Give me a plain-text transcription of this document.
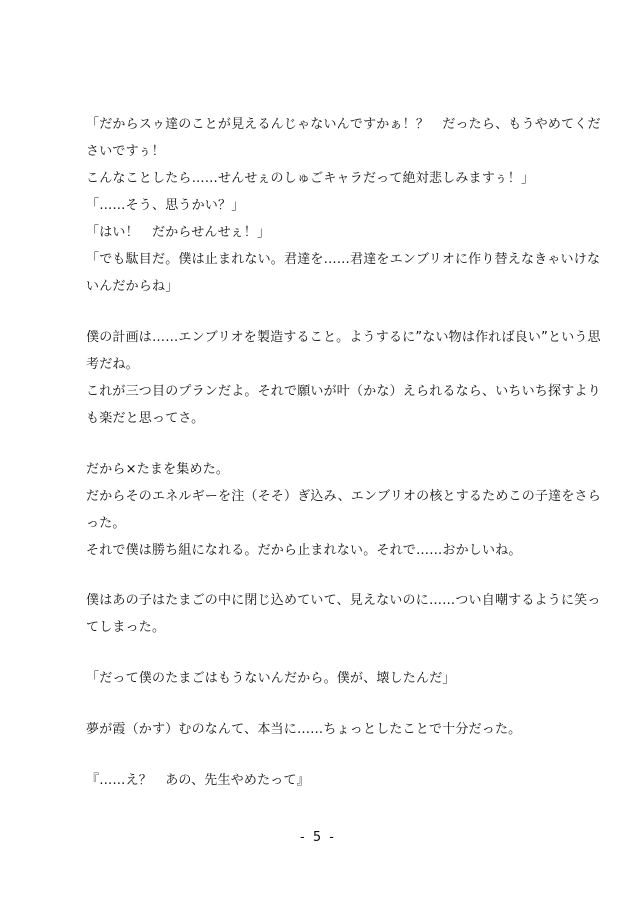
「だからスゥ達のことが見えるんじゃないんですかぁ！？　だったら、もうやめてくだ
さいですぅ！
こんなことしたら……せんせぇのしゅごキャラだって絶対悲しみますぅ！」
「……そう、思うかい？」
「はい！　だからせんせぇ！」
「でも駄目だ。僕は止まれない。君達を……君達をエンブリオに作り替えなきゃいけな
いんだからね」
僕の計画は……エンブリオを製造すること。ようするに”ない物は作れば良い”という思
考だね。
これが三つ目のプランだよ。それで願いが叶（かな）えられるなら、いちいち探すより
も楽だと思ってさ。
だから×たまを集めた。
だからそのエネルギーを注（そそ）ぎ込み、エンブリオの核とするためこの子達をさら
った。
それで僕は勝ち組になれる。だから止まれない。それで……おかしいね。
僕はあの子はたまごの中に閉じ込めていて、見えないのに……つい自嘲するように笑っ
てしまった。
「だって僕のたまごはもうないんだから。僕が、壊したんだ」
夢が霞（かす）むのなんて、本当に……ちょっとしたことで十分だった。
『……え？　あの、先生やめたって』
- 5 -
